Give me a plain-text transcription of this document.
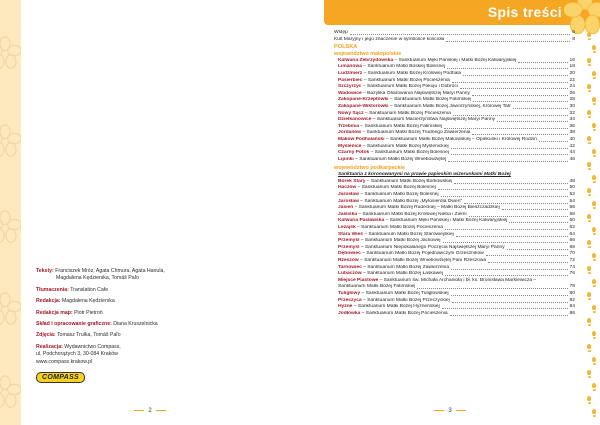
Teksty: Franciszek Mróz, Agata Chmura, Agata Hanula,
Magdalena Kędzierska, Tomáš Paľo
Tłumaczenia: Translation Cafe
Redakcja: Magdalena Kędzierska
Redakcja map: Piotr Pietroń
Skład i opracowanie graficzne: Diana Kruszelnicka
Zdjęcia: Tomasz Trulka, Tomáš Paľo
Realizacja: Wydawnictwo Compass,
ul. Podchorążych 3, 30-084 Kraków
www.compass.krakow.pl
COMPASS
2
Spis treści
Wstęp	6
Kult Maryjny i jego znaczenie w symbolice kościoła	8
POLSKA
województwo małopolskie
Kalwaria Zebrzydowska – Sanktuarium Męki Pańskiej i Matki Bożej Kalwaryjskiej	16
Limanowa – Sanktuarium Matki Boskiej Bolesnej	18
Ludźmierz – Sanktuarium Matki Bożej Królowej Podhala	20
Pasierbiec – Sanktuarium Matki Bożej Pocieszenia	22
Szczyrzyc – Sanktuarium Matki Bożej Pokoju i Dobroci	24
Wadowice – Bazylika Ofiarowania Najświętszej Maryi Panny	26
Zakopane-Krzeptówki – Sanktuarium Matki Bożej Fatimskiej	28
Zakopane-Wiktorówki – Sanktuarium Matki Bożej Jaworzyńskiej, Królowej Tatr	30
Nowy Sącz – Sanktuarium Matki Bożej Pocieszenia	32
Dzielkanowice – Sanktuarium Macierzyństwa Najświętszej Maryi Panny	34
Trzebinia – Sanktuarium Matki Bożej Fatimskiej	36
Jordanów – Sanktuarium Matki Bożej Trudnego Zawierzenia	38
Maków Podhalański – Sanktuarium Matki Bożej Makowskiej – Opiekunki i Królowej Rodzin	40
Myślenice – Sanktuarium Matki Bożej Myślenickiej	42
Czarny Potok – Sanktuarium Matki Bożej Bolesnej	44
Lipinki – Sanktuarium Matki Bożej Wniebowziętej	46
województwo podkarpackie
Sanktuaria z koronowanymi na prawie papieskim wizerunkami Matki Bożej
Borek Stary – Sanktuarium Matki Bożej Borkowskiej	48
Haczów – Sanktuarium Matki Bożej Bolesnej	50
Jarosław – Sanktuarium Matki Bożej Bolesnej	52
Jarosław – Sanktuarium Matki Bożej „Mytosierdia Dwerí”	54
Jasień – Sanktuarium Matki Bożej Rudeckiej – Matki Bożej Bieszczadzkiej	56
Jaśliska – Sanktuarium Matki Bożej Królowej Nieba i Ziemi	58
Kalwaria Pacławska – Sanktuarium Męki Pańskiej i Matki Bożej Kalwaryjskiej	60
Leżajsk – Sanktuarium Matki Bożej Pocieszenia	62
Stara Wieś – Sanktuarium Matki Bożej Starowiejskiej	64
Przemyśl – Sanktuarium Matki Bożej Jackowej	66
Przemyśl – Sanktuarium Niepokalanego Poczęcia Najświętszej Maryi Panny	68
Dębowiec – Sanktuarium Matki Bożej Pojednawczyni Grzeszników	70
Rzeszów – Sanktuarium Matki Bożej Wniebowziętej Pani Rzeszowa	72
Tarnowiec – Sanktuarium Matki Bożej Zawierzenia	74
Lubaczów – Sanktuarium Matki Bożej Łaskawej	76
Miejsce Piastowe – Sanktuarium św. Michała Archanioła i bł. ks. Bronisława Markiewicza –
Sanktuarium Matki Bożej Fatimskiej	78
Tuligłowy – Sanktuarium Matki Bożej Tuligłowskiej	80
Przeczyca – Sanktuarium Matki Bożej Przeczyckiej	82
Hyżne – Sanktuarium Matki Bożej Hyżneńskiej	84
Jodłówka – Sanktuarium Matki Bożej Pocieszenia	86
3
